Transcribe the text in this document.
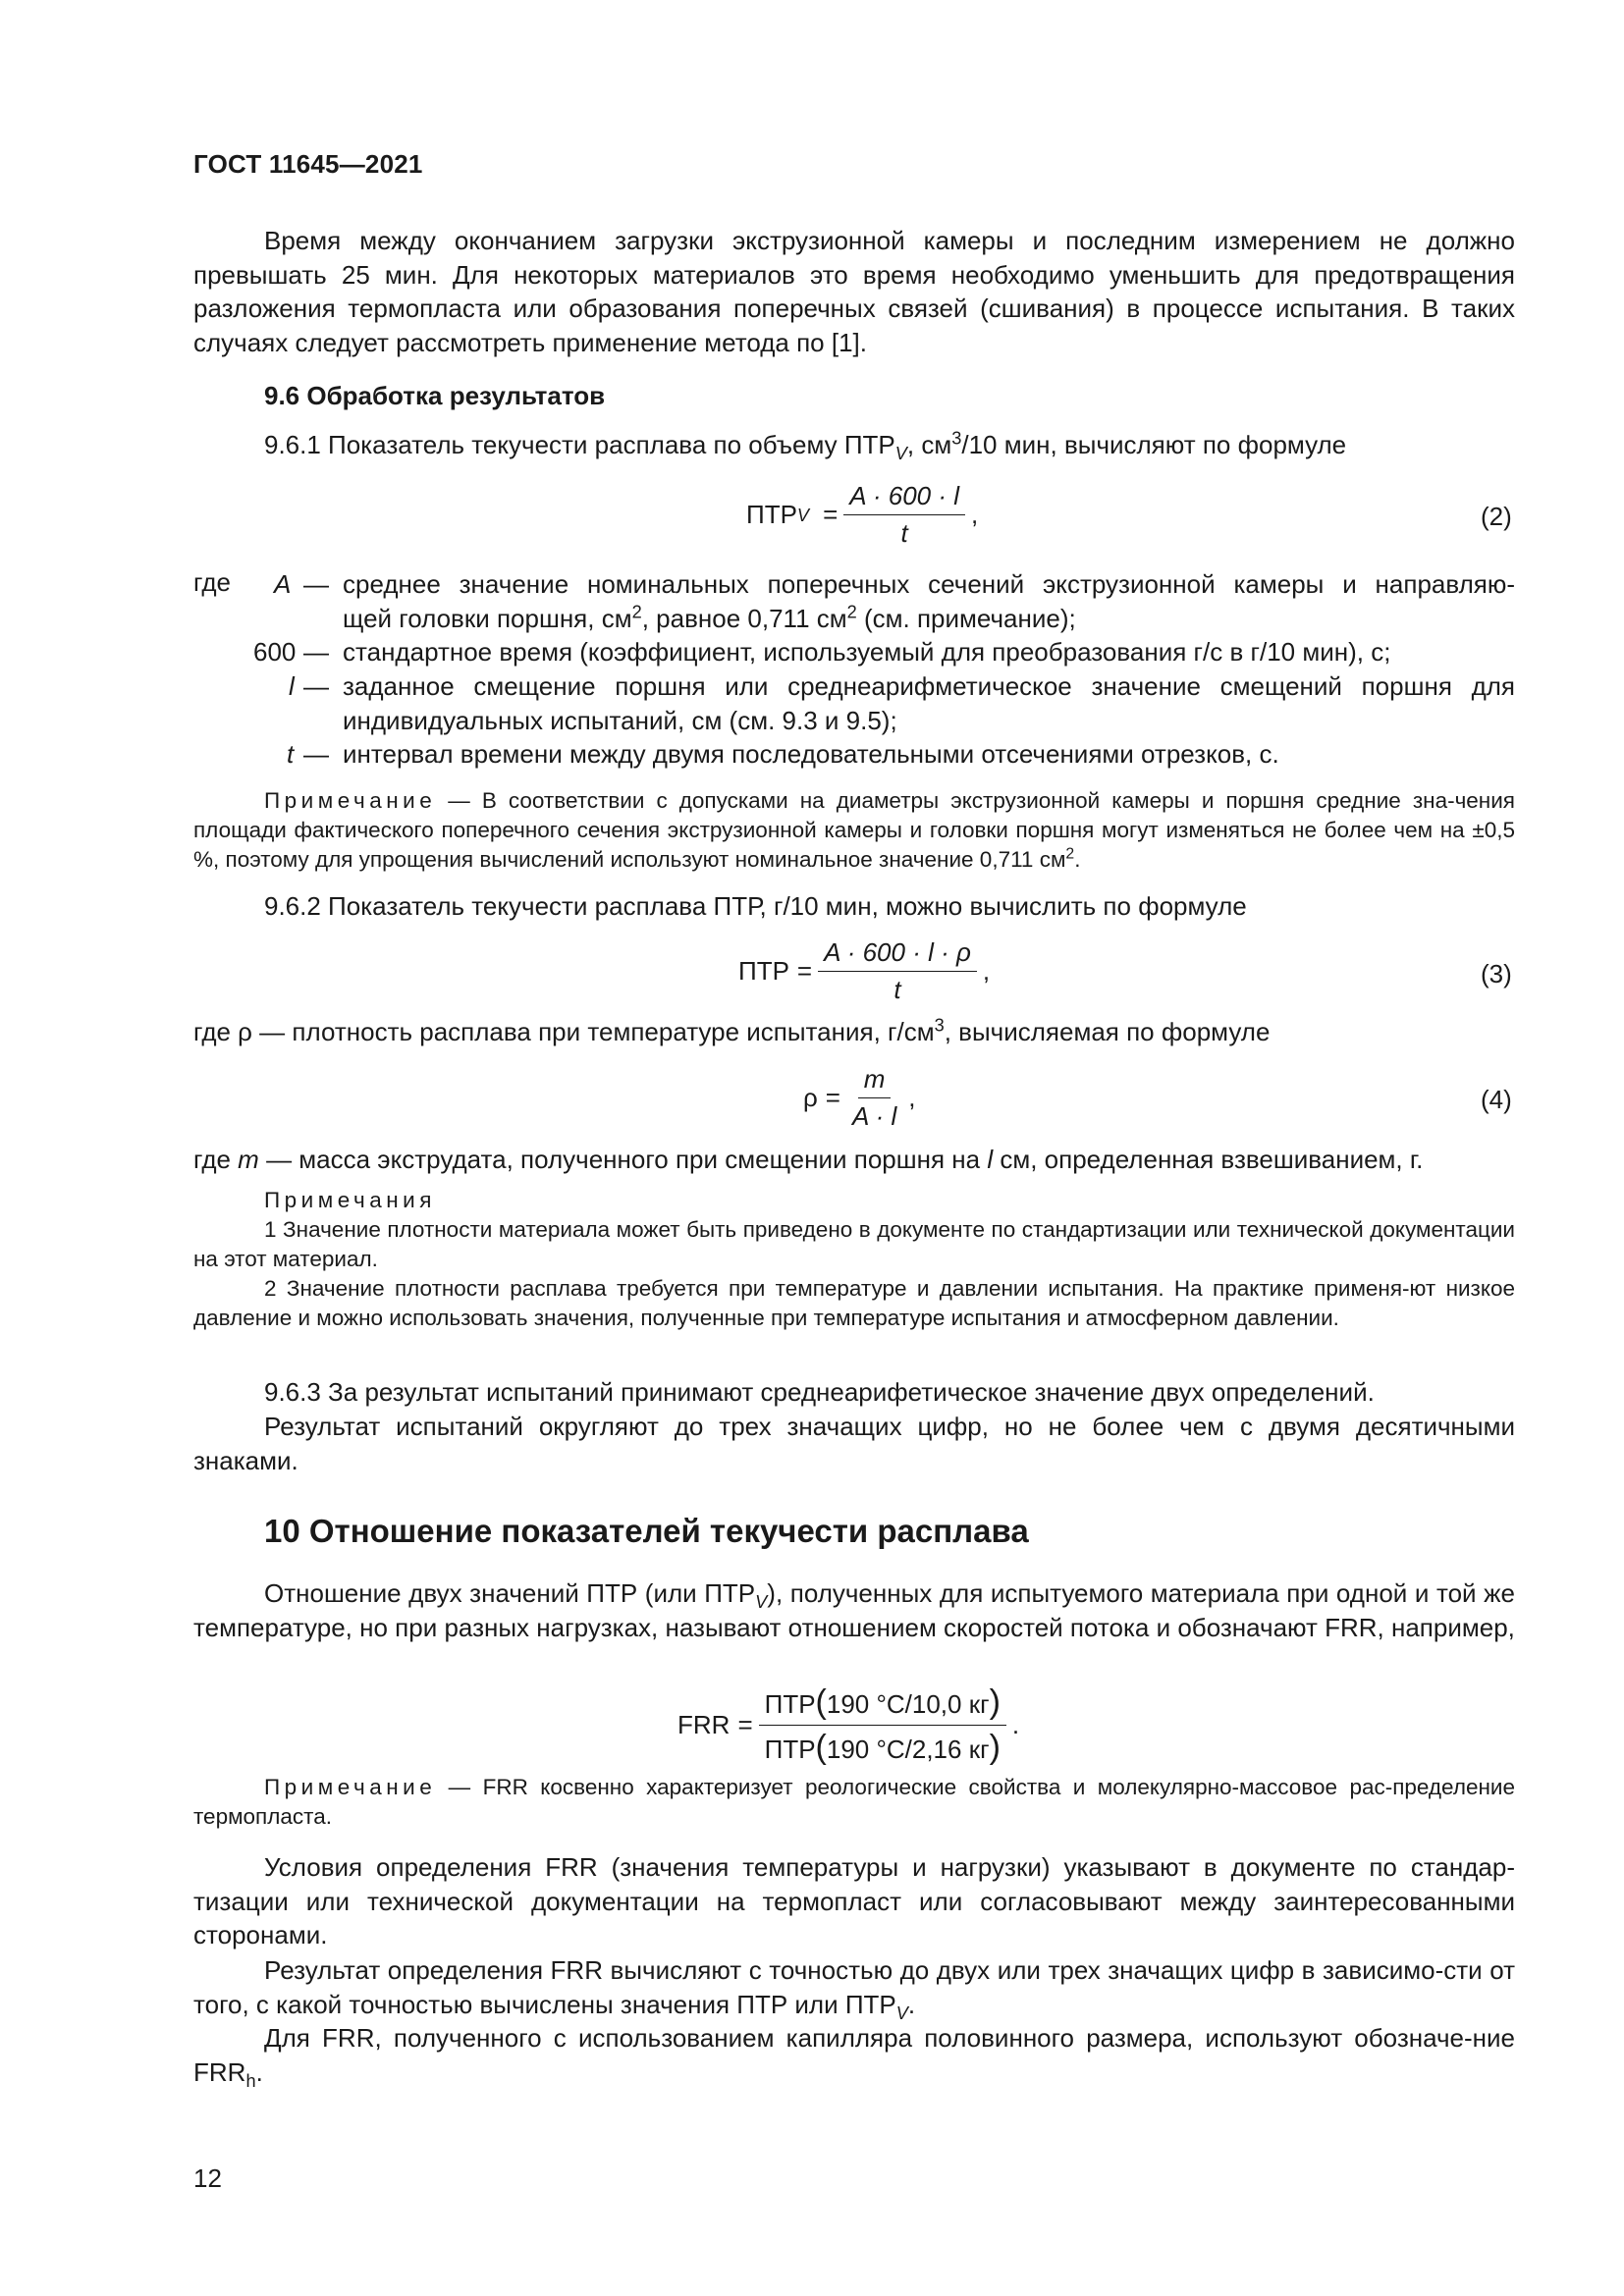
ГОСТ 11645—2021

Время между окончанием загрузки экструзионной камеры и последним измерением не должно превышать 25 мин. Для некоторых материалов это время необходимо уменьшить для предотвращения разложения термопласта или образования поперечных связей (сшивания) в процессе испытания. В таких случаях следует рассмотреть применение метода по [1].

9.6 Обработка результатов

9.6.1 Показатель текучести расплава по объему $ПТР_V$, $см^3/10$ мин, вычисляют по формуле

ПТР $V = \frac{A \cdot 600 \cdot l}{t}$ ,	(2)
где A — среднее значение номинальных поперечных сечений экструзионной камеры и направляю-
щей головки поршня, $см^2$, равное 0,711 $см^2$ (см. примечание);
600 — стандартное время (коэффициент, используемый для преобразования г/с в г/10 мин), с;
l — заданное смещение поршня или среднеарифметическое значение смещений поршня для
индивидуальных испытаний, см (см. 9.3 и 9.5);
t — интервал времени между двумя последовательными отсечениями отрезков, с.

Примечание — В соответствии с допусками на диаметры экструзионной камеры и поршня средние зна-чения площади фактического поперечного сечения экструзионной камеры и головки поршня могут изменяться не более чем на ±0,5 %, поэтому для упрощения вычислений используют номинальное значение 0,711 $см^2$.

9.6.2 Показатель текучести расплава ПТР, г/10 мин, можно вычислить по формуле

ПТР = $\frac{A \cdot 600 \cdot l \cdot \rho}{t}$ ,	(3)

где ρ — плотность расплава при температуре испытания, $г/см^3$, вычисляемая по формуле

$\rho = \frac{m}{A \cdot l}$ ,	(4)

где m — масса экструдата, полученного при смещении поршня на l см, определенная взвешиванием, г.

Примечания

1 Значение плотности материала может быть приведено в документе по стандартизации или технической документации на этот материал.

2 Значение плотности расплава требуется при температуре и давлении испытания. На практике применя-ют низкое давление и можно использовать значения, полученные при температуре испытания и атмосферном давлении.

9.6.3 За результат испытаний принимают среднеарифетическое значение двух определений.

Результат испытаний округляют до трех значащих цифр, но не более чем с двумя десятичными знаками.

10 Отношение показателей текучести расплава

Отношение двух значений ПТР (или $ПТР_V$), полученных для испытуемого материала при одной и той же температуре, но при разных нагрузках, называют отношением скоростей потока и обозначают FRR, например,

FRR = $\frac{\text{ПТР(190 °C/10,0 кг)}}{\text{ПТР(190 °C/2,16 кг)}}$ .

Примечание — FRR косвенно характеризует реологические свойства и молекулярно-массовое рас-пределение термопласта.

Условия определения FRR (значения температуры и нагрузки) указывают в документе по стандар-тизации или технической документации на термопласт или согласовывают между заинтересованными сторонами.

Результат определения FRR вычисляют с точностью до двух или трех значащих цифр в зависимо-сти от того, с какой точностью вычислены значения ПТР или $ПТР_V$.

Для FRR, полученного с использованием капилляра половинного размера, используют обозначе-ние $FRR_h$.

12
